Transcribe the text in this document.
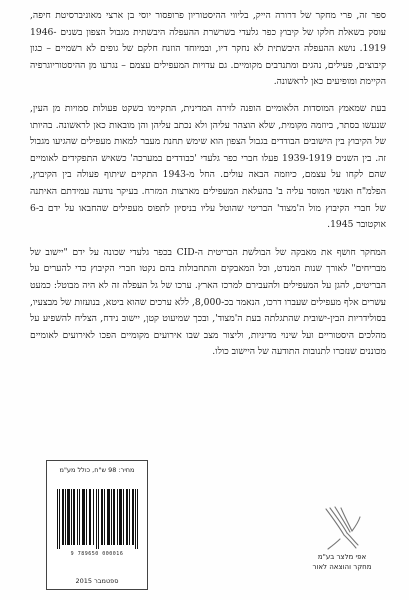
ספר זה, פרי מחקר של דרורה הייק, בליווי ההיסטוריון פרופסור יוסי בן ארצי מאוניברסיטת חיפה, עוסק בשאלת חלקו של קיבוץ כפר גלעדי בשרשרת ההעפלה היבשתית מגבול הצפון בשנים 1946-1919. נושא ההעפלה היבשתית לא נחקר דיו, ובמיוחד הוזנח חלקם של גופים לא רשמיים – כגון קיבוצים, פעילים, נהגים ומתנדבים מקומיים. גם עדויות המעפילים עצמם – נגרעו מן ההיסטוריוגרפיה הקיימת ומופיעים כאן לראשונה.

בעת שמאמץ המוסדות הלאומיים הופנה לזירה המדינית, התקיימו בשקט פעולות סמויות מן העין, שנעשו בסתר, ביוזמה מקומית, שלא הוצהר עליהן ולא נכתב עליהן והן מובאות כאן לראשונה. בהיותו של הקיבוץ בין הישובים הבודדים בגבול הצפון הוא שימש תחנת מעבר למאות מעפילים שהגיעו מגבול זה. בין השנים 1939-1919 פעלו חברי כפר גלעדי 'כבודדים במערכה' כשאיש התפקידים לאומיים שהם לקחו על עצמם, כיוזמה הבאה עולים. החל מ-1943 התקיים שיתוף פעולה בין הקיבוץ, הפלמ"ח ואנשי המוסד עליה ב' בהעלאת המעפילים מארצות המזרח. בעיקר נודעה עמידתם האיתנה של חברי הקיבוץ מול ה'מצוד' הבריטי שהוטל עליו בניסיון לתפוס מעפילים שהחבאו על ידם ב-6 אוקטובר 1945.

המחקר חושף את מאבקה של הבולשת הבריטית ה-CID בכפר גלעדי שכונה על ידם "יישוב של מבריחים" לאורך שנות המנדט, וכל המאבקים והתחבולות בהם נקטו חברי הקיבוץ כדי להערים על הבריטים, להגן על המעפילים ולהעבירם למרכז הארץ. ערכו של גל העפלה זה לא היה מבוטל: כמעט עשרים אלף מעפילים שעברו דרכו, הנאמד בכ-8,000, ללא ערכים שהוא ביטא, בנועזות של מבצעיו, בסולידריות הבין-ישובית שהתגלתה בעת ה'מצוד', ובכך שמיעוט קטן, יישוב נידח, הצליח להשפיע על מהלכים היסטוריים ועל שינוי מדיניות, וליצור מצב שבו אירועים מקומיים הפכו לאירועים לאומיים מכוננים שנזכרו לתנובות התודעה של היישוב כולו.

מחיר: 98 ש"ח, כולל מע"מ
9 789650 000016
ספטמבר 2015
אפי מלצר בע"מ
מחקר והוצאה לאור
